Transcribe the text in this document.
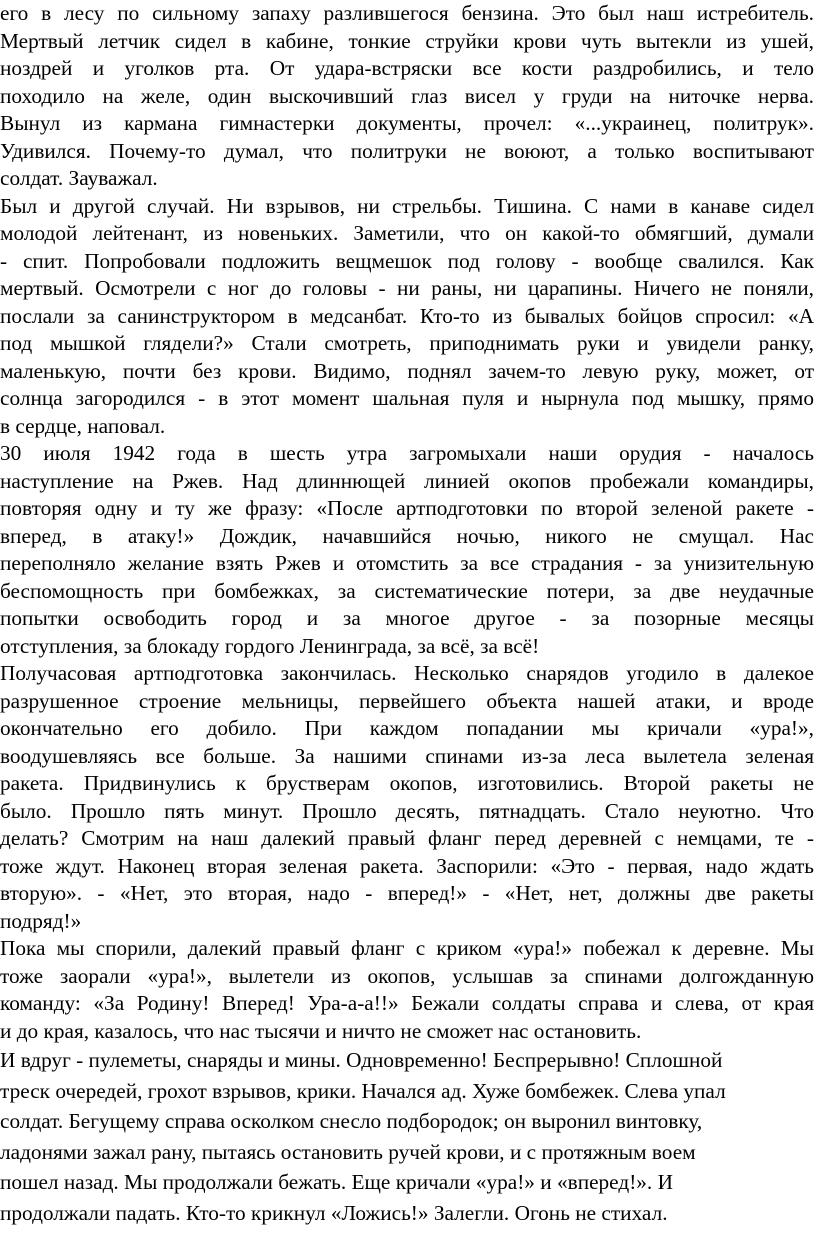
его в лесу по сильному запаху разлившегося бензина. Это был наш истребитель.
Мертвый летчик сидел в кабине, тонкие струйки крови чуть вытекли из ушей,
ноздрей и уголков рта. От удара-встряски все кости раздробились, и тело
походило на желе, один выскочивший глаз висел у груди на ниточке нерва.
Вынул из кармана гимнастерки документы, прочел: «...украинец, политрук».
Удивился. Почему-то думал, что политруки не воюют, а только воспитывают
солдат. Зауважал.
Был и другой случай. Ни взрывов, ни стрельбы. Тишина. С нами в канаве сидел
молодой лейтенант, из новеньких. Заметили, что он какой-то обмягший, думали
- спит. Попробовали подложить вещмешок под голову - вообще свалился. Как
мертвый. Осмотрели с ног до головы - ни раны, ни царапины. Ничего не поняли,
послали за санинструктором в медсанбат. Кто-то из бывалых бойцов спросил: «А
под мышкой глядели?» Стали смотреть, приподнимать руки и увидели ранку,
маленькую, почти без крови. Видимо, поднял зачем-то левую руку, может, от
солнца загородился - в этот момент шальная пуля и нырнула под мышку, прямо
в сердце, наповал.
30 июля 1942 года в шесть утра загромыхали наши орудия - началось
наступление на Ржев. Над длиннющей линией окопов пробежали командиры,
повторяя одну и ту же фразу: «После артподготовки по второй зеленой ракете -
вперед, в атаку!» Дождик, начавшийся ночью, никого не смущал. Нас
переполняло желание взять Ржев и отомстить за все страдания - за унизительную
беспомощность при бомбежках, за систематические потери, за две неудачные
попытки освободить город и за многое другое - за позорные месяцы
отступления, за блокаду гордого Ленинграда, за всё, за всё!
Получасовая артподготовка закончилась. Несколько снарядов угодило в далекое
разрушенное строение мельницы, первейшего объекта нашей атаки, и вроде
окончательно его добило. При каждом попадании мы кричали «ура!»,
воодушевляясь все больше. За нашими спинами из-за леса вылетела зеленая
ракета. Придвинулись к брустверам окопов, изготовились. Второй ракеты не
было. Прошло пять минут. Прошло десять, пятнадцать. Стало неуютно. Что
делать? Смотрим на наш далекий правый фланг перед деревней с немцами, те -
тоже ждут. Наконец вторая зеленая ракета. Заспорили: «Это - первая, надо ждать
вторую». - «Нет, это вторая, надо - вперед!» - «Нет, нет, должны две ракеты
подряд!»
Пока мы спорили, далекий правый фланг с криком «ура!» побежал к деревне. Мы
тоже заорали «ура!», вылетели из окопов, услышав за спинами долгожданную
команду: «За Родину! Вперед! Ура-а-а!!» Бежали солдаты справа и слева, от края
и до края, казалось, что нас тысячи и ничто не сможет нас остановить.
И вдруг - пулеметы, снаряды и мины. Одновременно! Беспрерывно! Сплошной
треск очередей, грохот взрывов, крики. Начался ад. Хуже бомбежек. Слева упал
солдат. Бегущему справа осколком снесло подбородок; он выронил винтовку,
ладонями зажал рану, пытаясь остановить ручей крови, и с протяжным воем
пошел назад. Мы продолжали бежать. Еще кричали «ура!» и «вперед!». И
продолжали падать. Кто-то крикнул «Ложись!» Залегли. Огонь не стихал.
